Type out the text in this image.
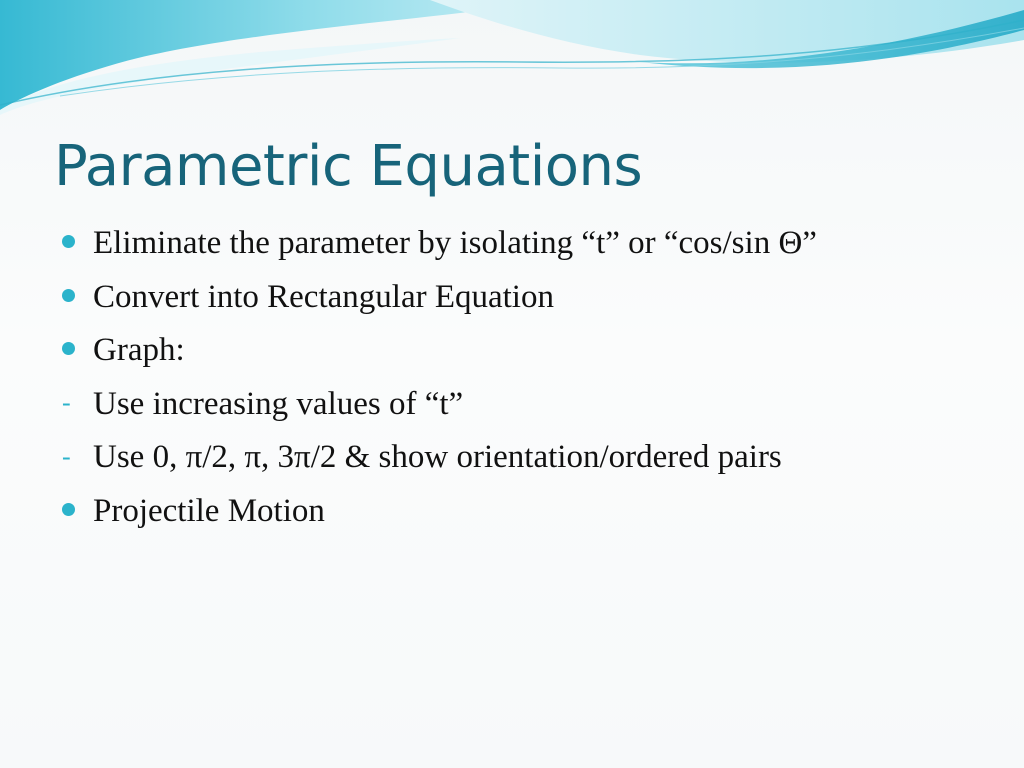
Parametric Equations
Eliminate the parameter by isolating “t” or “cos/sin Θ”
Convert into Rectangular Equation
Graph:
- Use increasing values of “t”
- Use 0, π/2, π, 3π/2 & show orientation/ordered pairs
Projectile Motion
